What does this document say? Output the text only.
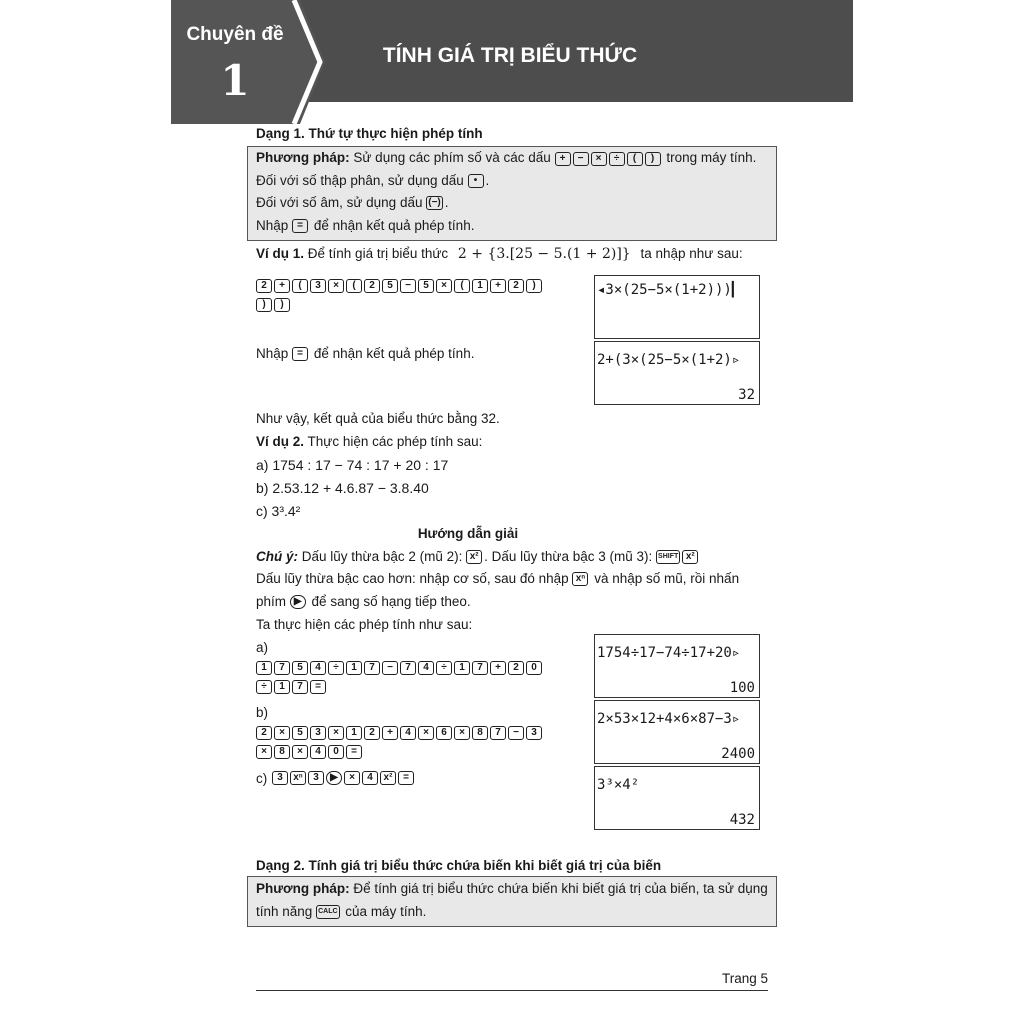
Chuyên đề
1
TÍNH GIÁ TRỊ BIỂU THỨC
Dạng 1. Thứ tự thực hiện phép tính
Phương pháp: Sử dụng các phím số và các dấu + − × ÷ ( ) trong máy tính.
Đối với số thập phân, sử dụng dấu • .
Đối với số âm, sử dụng dấu (−) .
Nhập = để nhận kết quả phép tính.
Ví dụ 1. Để tính giá trị biểu thức 2 + {3.[25 − 5.(1 + 2)]} ta nhập như sau:
2 + ( 3 × ( 2 5 − 5 × ( 1 + 2 )
) )
◂3×(25−5×(1+2)))▎
Nhập = để nhận kết quả phép tính.	2+(3×(25−5×(1+2)▹
32
Như vậy, kết quả của biểu thức bằng 32.
Ví dụ 2. Thực hiện các phép tính sau:
a) 1754 : 17 − 74 : 17 + 20 : 17
b) 2.53.12 + 4.6.87 − 3.8.40
c) 3³.4²
Hướng dẫn giải
Chú ý: Dấu lũy thừa bậc 2 (mũ 2): x² . Dấu lũy thừa bậc 3 (mũ 3): SHIFT x²
Dấu lũy thừa bậc cao hơn: nhập cơ số, sau đó nhập xⁿ và nhập số mũ, rồi nhấn
phím ▶ để sang số hạng tiếp theo.
Ta thực hiện các phép tính như sau:
a)
1 7 5 4 ÷ 1 7 − 7 4 ÷ 1 7 + 2 0
÷ 1 7 =
1754÷17−74÷17+20▹
100
b)
2 × 5 3 × 1 2 + 4 × 6 × 8 7 − 3
× 8 × 4 0 =
2×53×12+4×6×87−3▹
2400
c) 3 xⁿ 3 ▶ × 4 x² =	3³×4²
432
Dạng 2. Tính giá trị biểu thức chứa biến khi biết giá trị của biến
Phương pháp: Để tính giá trị biểu thức chứa biến khi biết giá trị của biến, ta sử dụng
tính năng CALC của máy tính.
Trang 5
